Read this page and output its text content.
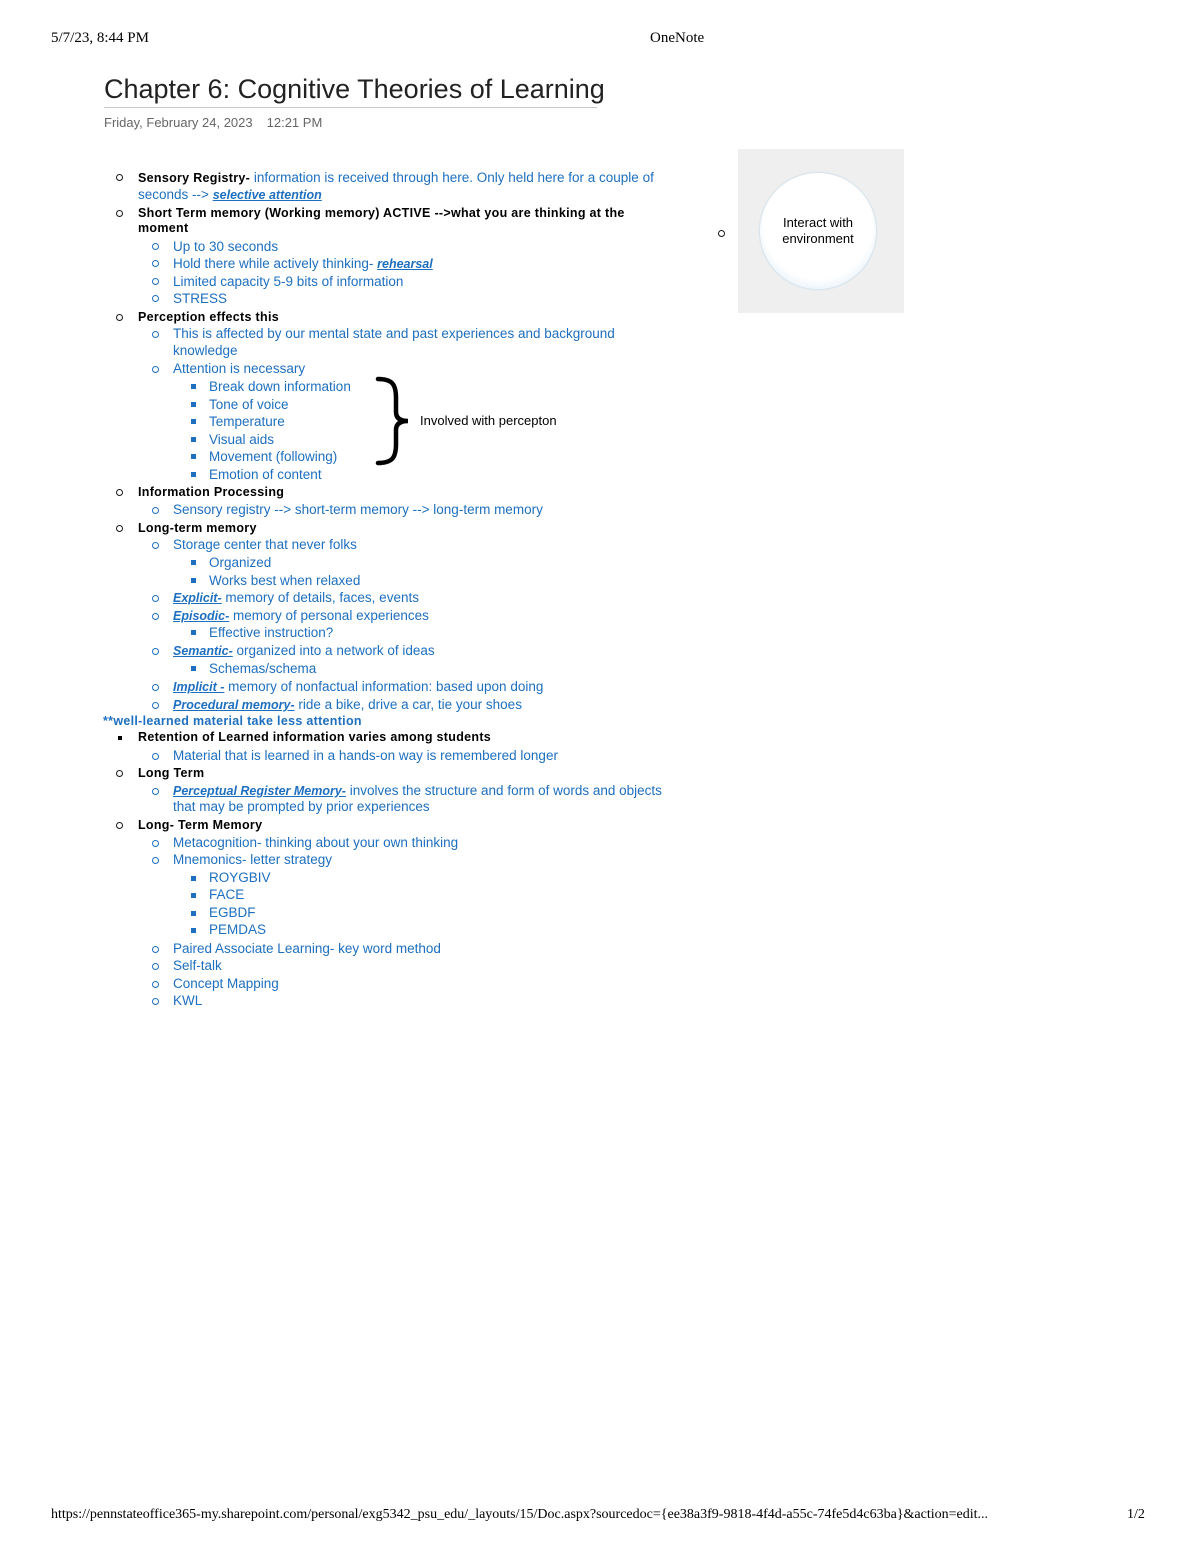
5/7/23, 8:44 PM	OneNote
Chapter 6: Cognitive Theories of Learning
Friday, February 24, 2023 12:21 PM
Sensory Registry- information is received through here. Only held here for a couple of
seconds --> selective attention
Short Term memory (Working memory) ACTIVE -->what you are thinking at the
moment
Up to 30 seconds
Hold there while actively thinking- rehearsal
Limited capacity 5-9 bits of information
STRESS
Perception effects this
This is affected by our mental state and past experiences and background
knowledge
Attention is necessary
Break down information
Tone of voice
Temperature
Visual aids
Movement (following)
Emotion of content
Involved with percepton
Information Processing
Sensory registry --> short-term memory --> long-term memory
Long-term memory
Storage center that never folks
Organized
Works best when relaxed
Explicit- memory of details, faces, events
Episodic- memory of personal experiences
Effective instruction?
Semantic- organized into a network of ideas
Schemas/schema
Implicit - memory of nonfactual information: based upon doing
Procedural memory- ride a bike, drive a car, tie your shoes
**well-learned material take less attention
Retention of Learned information varies among students
Material that is learned in a hands-on way is remembered longer
Long Term
Perceptual Register Memory- involves the structure and form of words and objects
that may be prompted by prior experiences
Long- Term Memory
Metacognition- thinking about your own thinking
Mnemonics- letter strategy
ROYGBIV
FACE
EGBDF
PEMDAS
Paired Associate Learning- key word method
Self-talk
Concept Mapping
KWL
Interact with environment
https://pennstateoffice365-my.sharepoint.com/personal/exg5342_psu_edu/_layouts/15/Doc.aspx?sourcedoc={ee38a3f9-9818-4f4d-a55c-74fe5d4c63ba}&action=edit...	1/2
